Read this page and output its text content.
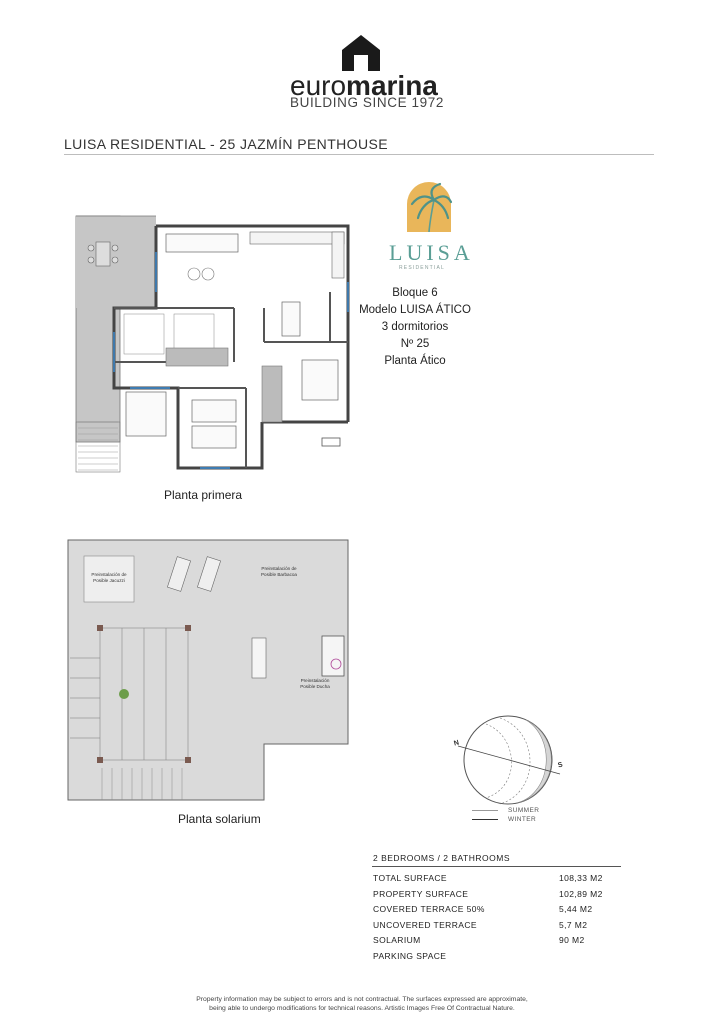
euromarina
BUILDING SINCE 1972
LUISA RESIDENTIAL - 25 JAZMÍN PENTHOUSE
LUISA
RESIDENTIAL
Bloque 6
Modelo LUISA ÁTICO
3 dormitorios
Nº 25
Planta Ático
Planta primera
Preinstalación de
Posible Jacuzzi
Preinstalación de
Posible Barbacoa
Preinstalación
Posible Ducha
Planta solarium
N
S
SUMMER
WINTER
2 BEDROOMS / 2 BATHROOMS
TOTAL SURFACE	108,33 M2
PROPERTY SURFACE	102,89 M2
COVERED TERRACE 50%	5,44 M2
UNCOVERED TERRACE	5,7 M2
SOLARIUM	90 M2
PARKING SPACE
Property information may be subject to errors and is not contractual. The surfaces expressed are approximate,
being able to undergo modifications for technical reasons. Artistic Images Free Of Contractual Nature.
